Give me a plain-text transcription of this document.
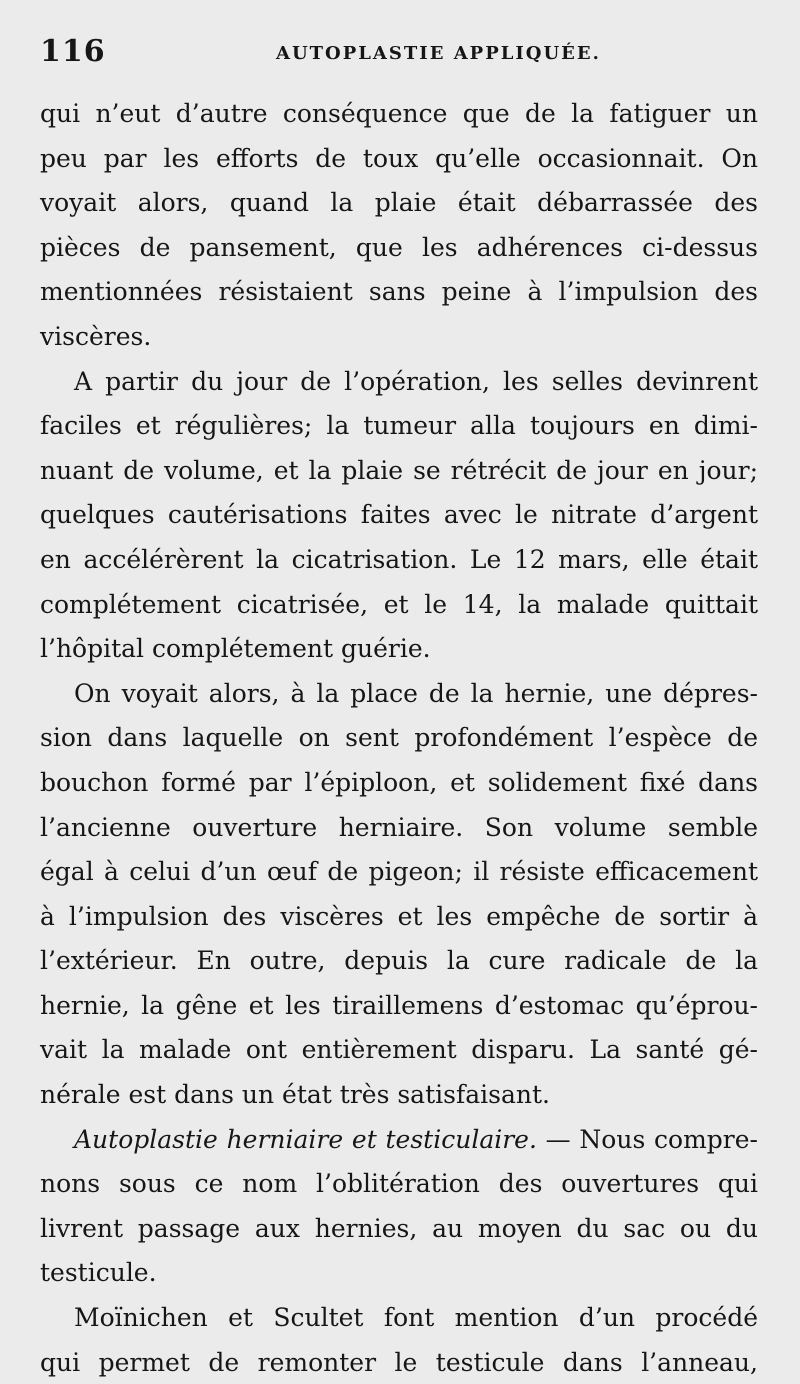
116	AUTOPLASTIE APPLIQUÉE.
qui n’eut d’autre conséquence que de la fatiguer un
peu par les efforts de toux qu’elle occasionnait. On
voyait alors, quand la plaie était débarrassée des
pièces de pansement, que les adhérences ci-dessus
mentionnées résistaient sans peine à l’impulsion des
viscères.
A partir du jour de l’opération, les selles devinrent
faciles et régulières; la tumeur alla toujours en dimi-
nuant de volume, et la plaie se rétrécit de jour en jour;
quelques cautérisations faites avec le nitrate d’argent
en accélérèrent la cicatrisation. Le 12 mars, elle était
complétement cicatrisée, et le 14, la malade quittait
l’hôpital complétement guérie.
On voyait alors, à la place de la hernie, une dépres-
sion dans laquelle on sent profondément l’espèce de
bouchon formé par l’épiploon, et solidement fixé dans
l’ancienne ouverture herniaire. Son volume semble
égal à celui d’un œuf de pigeon; il résiste efficacement
à l’impulsion des viscères et les empêche de sortir à
l’extérieur. En outre, depuis la cure radicale de la
hernie, la gêne et les tiraillemens d’estomac qu’éprou-
vait la malade ont entièrement disparu. La santé gé-
nérale est dans un état très satisfaisant.
Autoplastie herniaire et testiculaire. — Nous compre-
nons sous ce nom l’oblitération des ouvertures qui
livrent passage aux hernies, au moyen du sac ou du
testicule.
Moïnichen et Scultet font mention d’un procédé
qui permet de remonter le testicule dans l’anneau,
